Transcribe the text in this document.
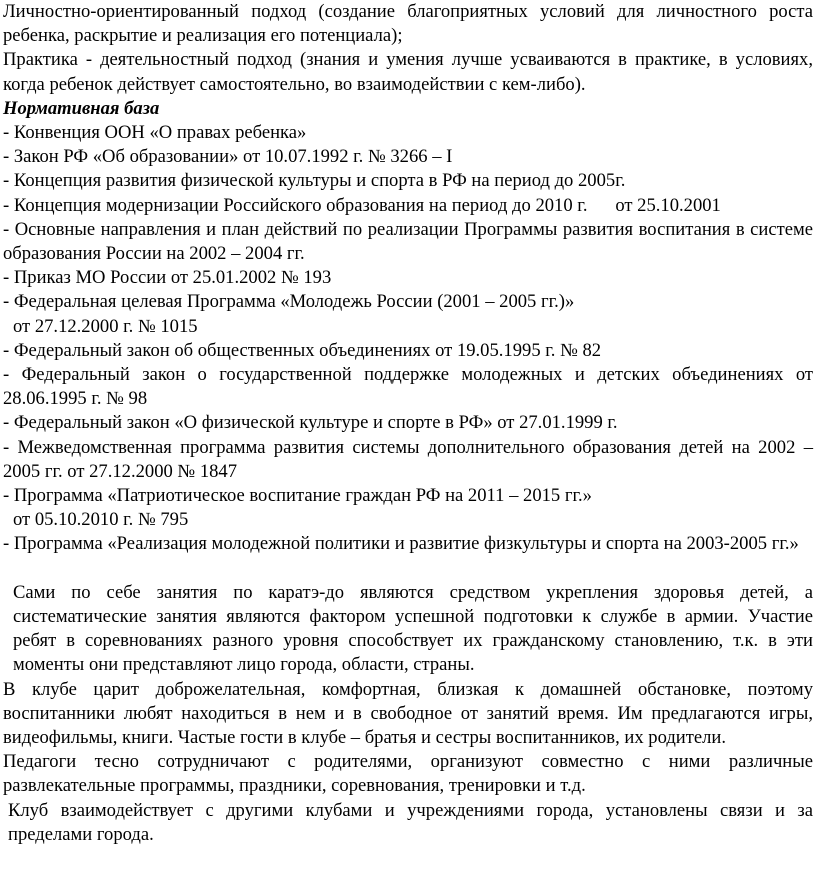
Личностно-ориентированный подход (создание благоприятных условий для личностного роста ребенка, раскрытие и реализация его потенциала);

Практика - деятельностный подход (знания и умения лучше усваиваются в практике, в условиях, когда ребенок действует самостоятельно, во взаимодействии с кем-либо).

Нормативная база

- Конвенция ООН «О правах ребенка»

- Закон РФ «Об образовании» от 10.07.1992 г. № 3266 – I

- Концепция развития физической культуры и спорта в РФ на период до 2005г.

- Концепция модернизации Российского образования на период до 2010 г.      от 25.10.2001

- Основные направления и план действий по реализации Программы развития воспитания в системе образования России на 2002 – 2004 гг.

- Приказ МО России от 25.01.2002 № 193

- Федеральная целевая Программа «Молодежь России (2001 – 2005 гг.)»

от 27.12.2000 г. № 1015

- Федеральный закон об общественных объединениях от 19.05.1995 г. № 82

- Федеральный закон о государственной поддержке молодежных и детских объединениях от 28.06.1995 г. № 98

- Федеральный закон «О физической культуре и спорте в РФ» от 27.01.1999 г.

- Межведомственная программа развития системы дополнительного образования детей на 2002 – 2005 гг. от 27.12.2000 № 1847

- Программа «Патриотическое воспитание граждан РФ на 2011 – 2015 гг.»

от 05.10.2010 г. № 795

- Программа «Реализация молодежной политики и развитие физкультуры и спорта на 2003-2005 гг.»

Сами по себе занятия по каратэ-до являются средством укрепления здоровья детей, а систематические занятия являются фактором успешной подготовки к службе в армии. Участие ребят в соревнованиях разного уровня способствует их гражданскому становлению, т.к. в эти моменты они представляют лицо города, области, страны.

В клубе царит доброжелательная, комфортная, близкая к домашней обстановке, поэтому воспитанники любят находиться в нем и в свободное от занятий время. Им предлагаются игры, видеофильмы, книги. Частые гости в клубе – братья и сестры воспитанников, их родители.

Педагоги тесно сотрудничают с родителями, организуют совместно с ними различные развлекательные программы, праздники, соревнования, тренировки и т.д.

Клуб взаимодействует с другими клубами и учреждениями города, установлены связи и за пределами города.
